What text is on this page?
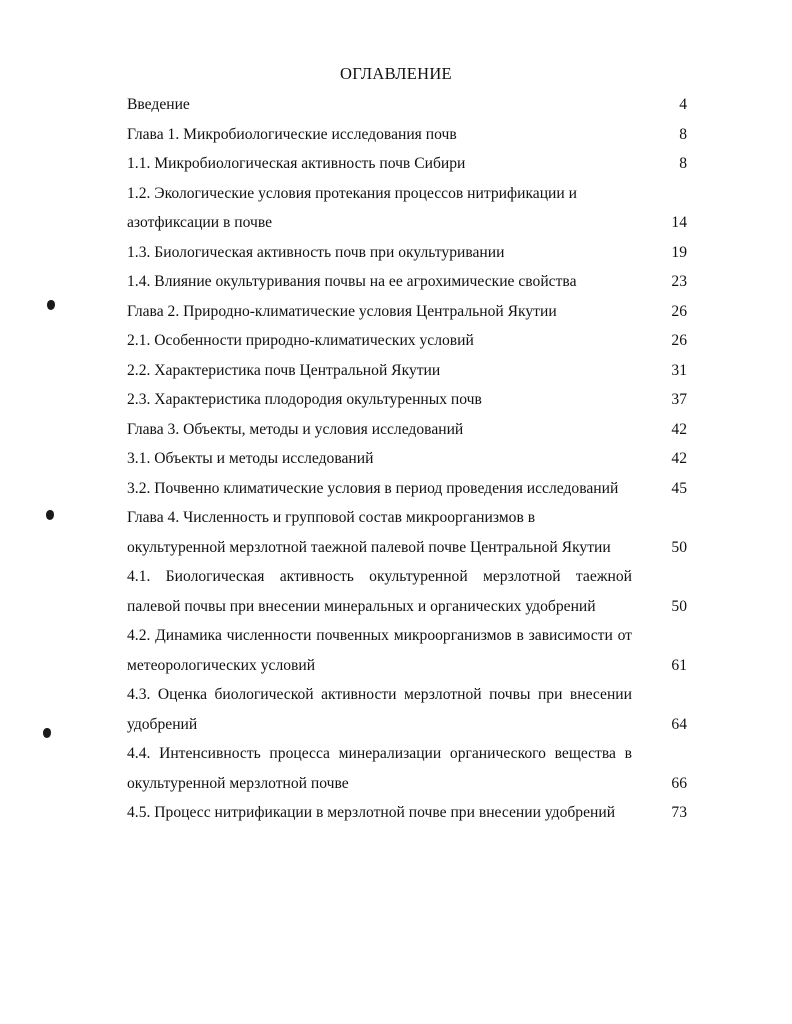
ОГЛАВЛЕНИЕ
Введение	4
Глава 1. Микробиологические исследования почв	8
1.1. Микробиологическая активность почв Сибири	8
1.2. Экологические условия протекания процессов нитрификации и азотфиксации в почве	14
1.3. Биологическая активность почв при окультуривании	19
1.4. Влияние окультуривания почвы на ее агрохимические свойства	23
Глава 2. Природно-климатические условия Центральной Якутии	26
2.1. Особенности природно-климатических условий	26
2.2. Характеристика почв Центральной Якутии	31
2.3. Характеристика плодородия окультуренных почв	37
Глава 3. Объекты, методы и условия исследований	42
3.1. Объекты и методы исследований	42
3.2. Почвенно климатические условия в период проведения исследований	45
Глава 4. Численность и групповой состав микроорганизмов в окультуренной мерзлотной таежной палевой почве Центральной Якутии	50
4.1. Биологическая активность окультуренной мерзлотной таежной палевой почвы при внесении минеральных и органических удобрений	50
4.2. Динамика численности почвенных микроорганизмов в зависимости от метеорологических условий	61
4.3. Оценка биологической активности мерзлотной почвы при внесении удобрений	64
4.4. Интенсивность процесса минерализации органического вещества в окультуренной мерзлотной почве	66
4.5. Процесс нитрификации в мерзлотной почве при внесении удобрений	73
